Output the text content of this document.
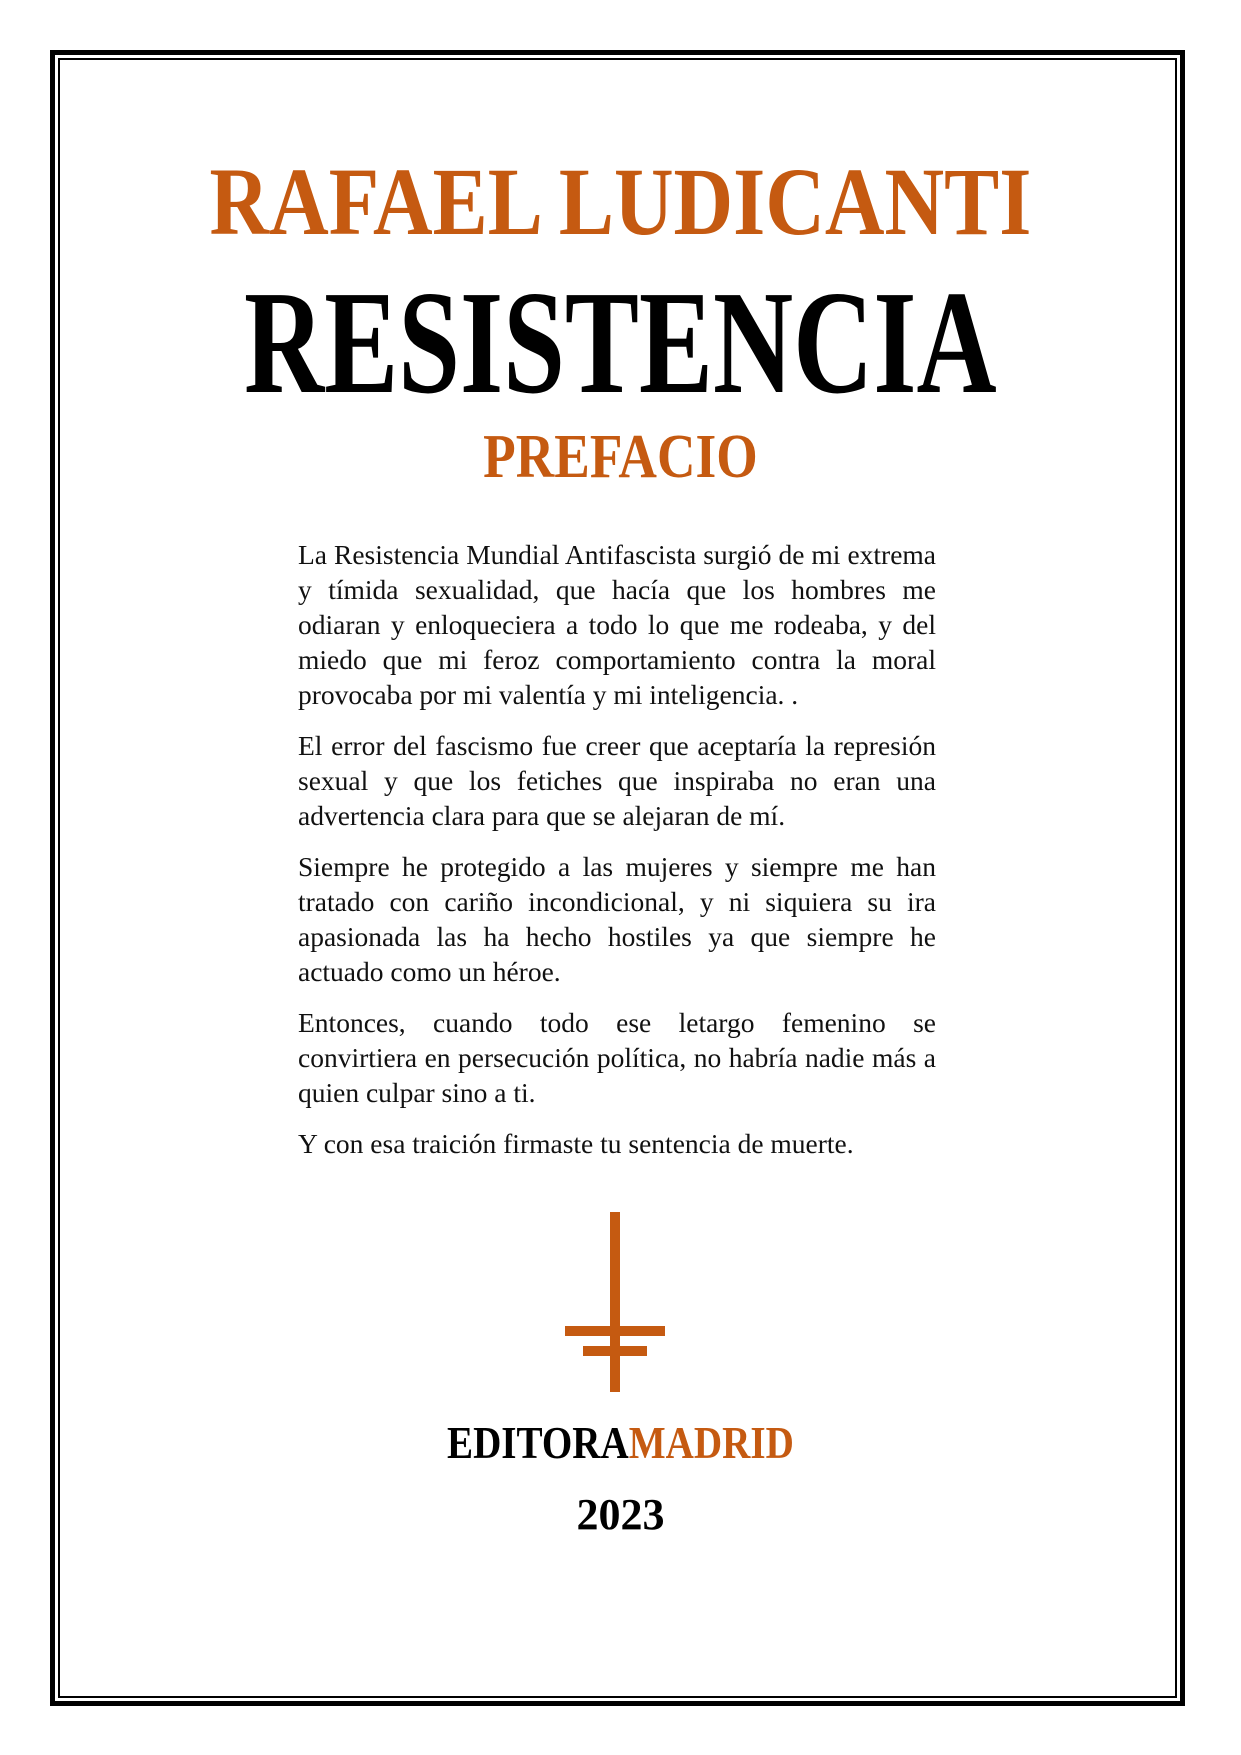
RAFAEL LUDICANTI
RESISTENCIA
PREFACIO

La Resistencia Mundial Antifascista surgió de mi extrema y tímida sexualidad, que hacía que los hombres me odiaran y enloqueciera a todo lo que me rodeaba, y del miedo que mi feroz comportamiento contra la moral provocaba por mi valentía y mi inteligencia. .

El error del fascismo fue creer que aceptaría la represión sexual y que los fetiches que inspiraba no eran una advertencia clara para que se alejaran de mí.

Siempre he protegido a las mujeres y siempre me han tratado con cariño incondicional, y ni siquiera su ira apasionada las ha hecho hostiles ya que siempre he actuado como un héroe.

Entonces, cuando todo ese letargo femenino se convirtiera en persecución política, no habría nadie más a quien culpar sino a ti.

Y con esa traición firmaste tu sentencia de muerte.

EDITORAMADRID
2023
